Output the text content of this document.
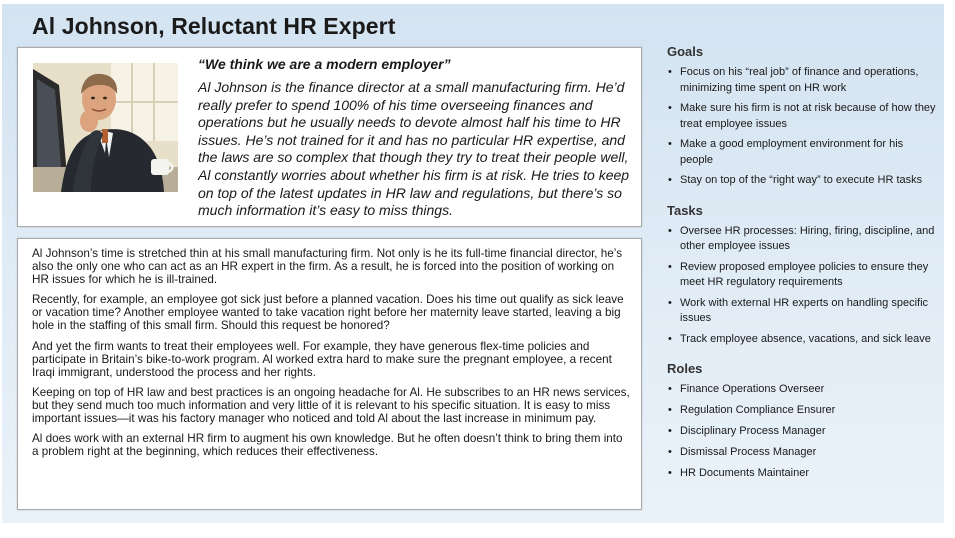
Al Johnson, Reluctant HR Expert

“We think we are a modern employer”

Al Johnson is the finance director at a small manufacturing firm. He’d really prefer to spend 100% of his time overseeing finances and operations but he usually needs to devote almost half his time to HR issues. He’s not trained for it and has no particular HR expertise, and the laws are so complex that though they try to treat their people well, Al constantly worries about whether his firm is at risk. He tries to keep on top of the latest updates in HR law and regulations, but there’s so much information it’s easy to miss things.

Al Johnson’s time is stretched thin at his small manufacturing firm. Not only is he its full-time financial director, he’s also the only one who can act as an HR expert in the firm. As a result, he is forced into the position of working on HR issues for which he is ill-trained.

Recently, for example, an employee got sick just before a planned vacation. Does his time out qualify as sick leave or vacation time? Another employee wanted to take vacation right before her maternity leave started, leaving a big hole in the staffing of this small firm. Should this request be honored?

And yet the firm wants to treat their employees well. For example, they have generous flex-time policies and participate in Britain’s bike-to-work program. Al worked extra hard to make sure the pregnant employee, a recent Iraqi immigrant, understood the process and her rights.

Keeping on top of HR law and best practices is an ongoing headache for Al. He subscribes to an HR news services, but they send much too much information and very little of it is relevant to his specific situation. It is easy to miss important issues—it was his factory manager who noticed and told Al about the last increase in minimum pay.

Al does work with an external HR firm to augment his own knowledge. But he often doesn’t think to bring them into a problem right at the beginning, which reduces their effectiveness.

Goals
• Focus on his “real job” of finance and operations, minimizing time spent on HR work
• Make sure his firm is not at risk because of how they treat employee issues
• Make a good employment environment for his people
• Stay on top of the “right way” to execute HR tasks
Tasks
• Oversee HR processes: Hiring, firing, discipline, and other employee issues
• Review proposed employee policies to ensure they meet HR regulatory requirements
• Work with external HR experts on handling specific issues
• Track employee absence, vacations, and sick leave
Roles
• Finance Operations Overseer
• Regulation Compliance Ensurer
• Disciplinary Process Manager
• Dismissal Process Manager
• HR Documents Maintainer
